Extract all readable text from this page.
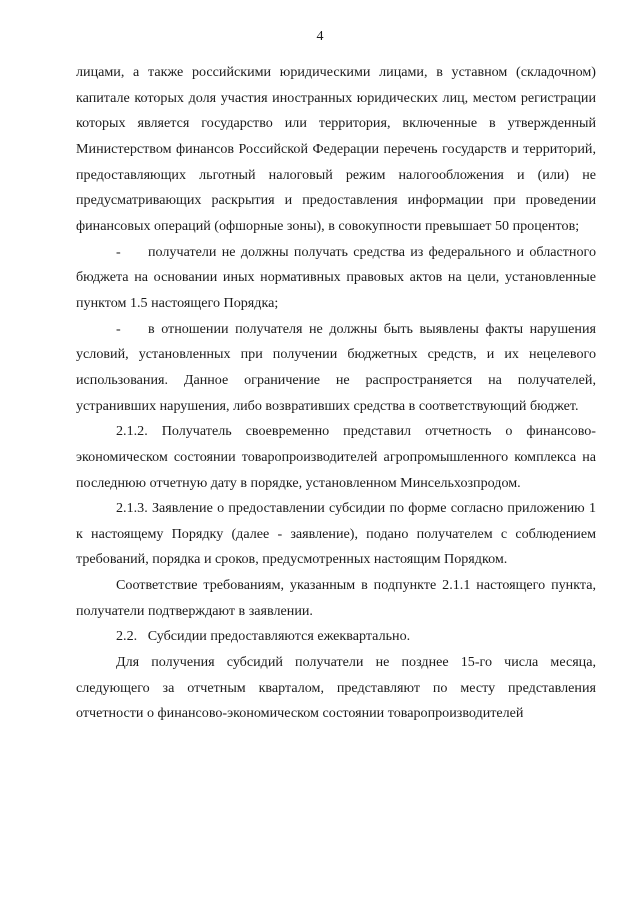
4

лицами, а также российскими юридическими лицами, в уставном (складочном) капитале которых доля участия иностранных юридических лиц, местом регистрации которых является государство или территория, включенные в утвержденный Министерством финансов Российской Федерации перечень государств и территорий, предоставляющих льготный налоговый режим налогообложения и (или) не предусматривающих раскрытия и предоставления информации при проведении финансовых операций (офшорные зоны), в совокупности превышает 50 процентов;

- получатели не должны получать средства из федерального и областного бюджета на основании иных нормативных правовых актов на цели, установленные пунктом 1.5 настоящего Порядка;

- в отношении получателя не должны быть выявлены факты нарушения условий, установленных при получении бюджетных средств, и их нецелевого использования. Данное ограничение не распространяется на получателей, устранивших нарушения, либо возвративших средства в соответствующий бюджет.

2.1.2. Получатель своевременно представил отчетность о финансово-экономическом состоянии товаропроизводителей агропромышленного комплекса на последнюю отчетную дату в порядке, установленном Минсельхозпродом.

2.1.3. Заявление о предоставлении субсидии по форме согласно приложению 1 к настоящему Порядку (далее - заявление), подано получателем с соблюдением требований, порядка и сроков, предусмотренных настоящим Порядком.

Соответствие требованиям, указанным в подпункте 2.1.1 настоящего пункта, получатели подтверждают в заявлении.

2.2.   Субсидии предоставляются ежеквартально.

Для получения субсидий получатели не позднее 15-го числа месяца, следующего за отчетным кварталом, представляют по месту представления отчетности о финансово-экономическом состоянии товаропроизводителей
